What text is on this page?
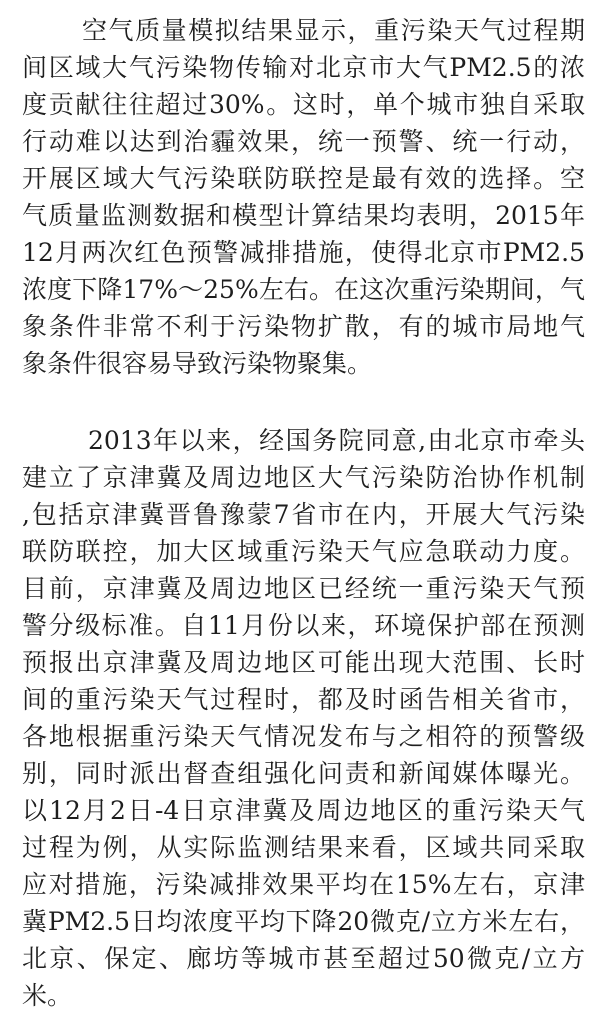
空气质量模拟结果显示，重污染天气过程期
间区域大气污染物传输对北京市大气PM2.5的浓
度贡献往往超过30%。这时，单个城市独自采取
行动难以达到治霾效果，统一预警、统一行动，
开展区域大气污染联防联控是最有效的选择。空
气质量监测数据和模型计算结果均表明，2015年
12月两次红色预警减排措施，使得北京市PM2.5
浓度下降17%～25%左右。在这次重污染期间，气
象条件非常不利于污染物扩散，有的城市局地气
象条件很容易导致污染物聚集。
2013年以来，经国务院同意,由北京市牵头
建立了京津冀及周边地区大气污染防治协作机制
,包括京津冀晋鲁豫蒙7省市在内，开展大气污染
联防联控，加大区域重污染天气应急联动力度。
目前，京津冀及周边地区已经统一重污染天气预
警分级标准。自11月份以来，环境保护部在预测
预报出京津冀及周边地区可能出现大范围、长时
间的重污染天气过程时，都及时函告相关省市，
各地根据重污染天气情况发布与之相符的预警级
别，同时派出督查组强化问责和新闻媒体曝光。
以12月2日-4日京津冀及周边地区的重污染天气
过程为例，从实际监测结果来看，区域共同采取
应对措施，污染减排效果平均在15%左右，京津
冀PM2.5日均浓度平均下降20微克/立方米左右，
北京、保定、廊坊等城市甚至超过50微克/立方
米。
